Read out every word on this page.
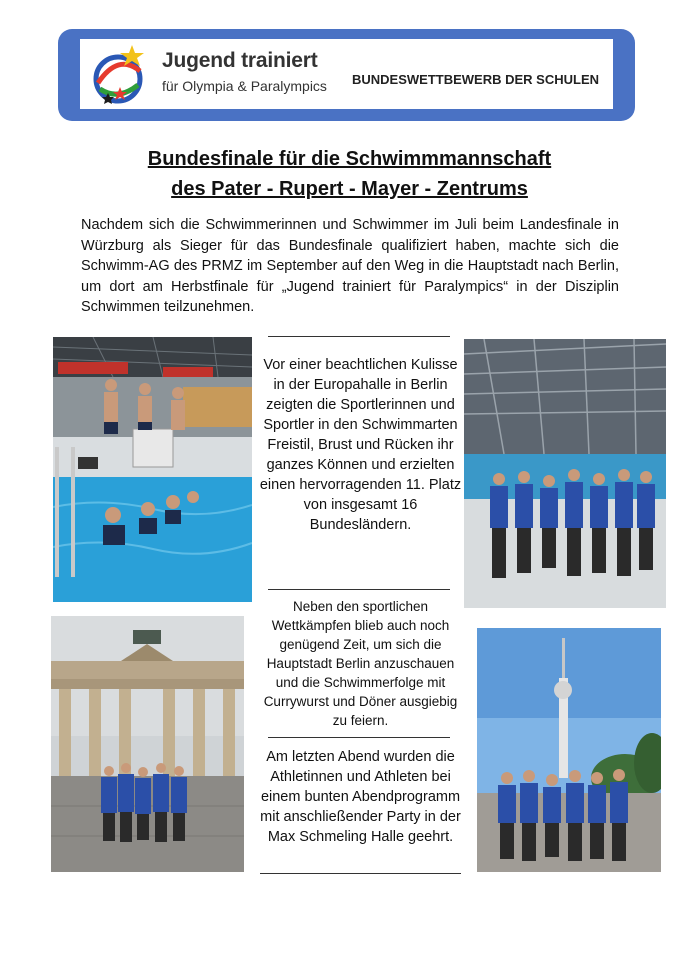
Jugend trainiert
für Olympia & Paralympics BUNDESWETTBEWERB DER SCHULEN
Bundesfinale für die Schwimmmannschaft
des Pater - Rupert - Mayer - Zentrums
Nachdem sich die Schwimmerinnen und Schwimmer im Juli beim Landesfinale in Würzburg als Sieger für das Bundesfinale qualifiziert haben, machte sich die Schwimm-AG des PRMZ im September auf den Weg in die Hauptstadt nach Berlin, um dort am Herbstfinale für „Jugend trainiert für Paralympics“ in der Disziplin Schwimmen teilzunehmen.
Vor einer beachtlichen Kulisse in der Europahalle in Berlin zeigten die Sportlerinnen und Sportler in den Schwimmarten Freistil, Brust und Rücken ihr ganzes Können und erzielten einen hervorragenden 11. Platz von insgesamt 16 Bundesländern.
Neben den sportlichen Wettkämpfen blieb auch noch genügend Zeit, um sich die Hauptstadt Berlin anzuschauen und die Schwimmerfolge mit Currywurst und Döner ausgiebig zu feiern.
Am letzten Abend wurden die Athletinnen und Athleten bei einem bunten Abendprogramm mit anschließender Party in der Max Schmeling Halle geehrt.
